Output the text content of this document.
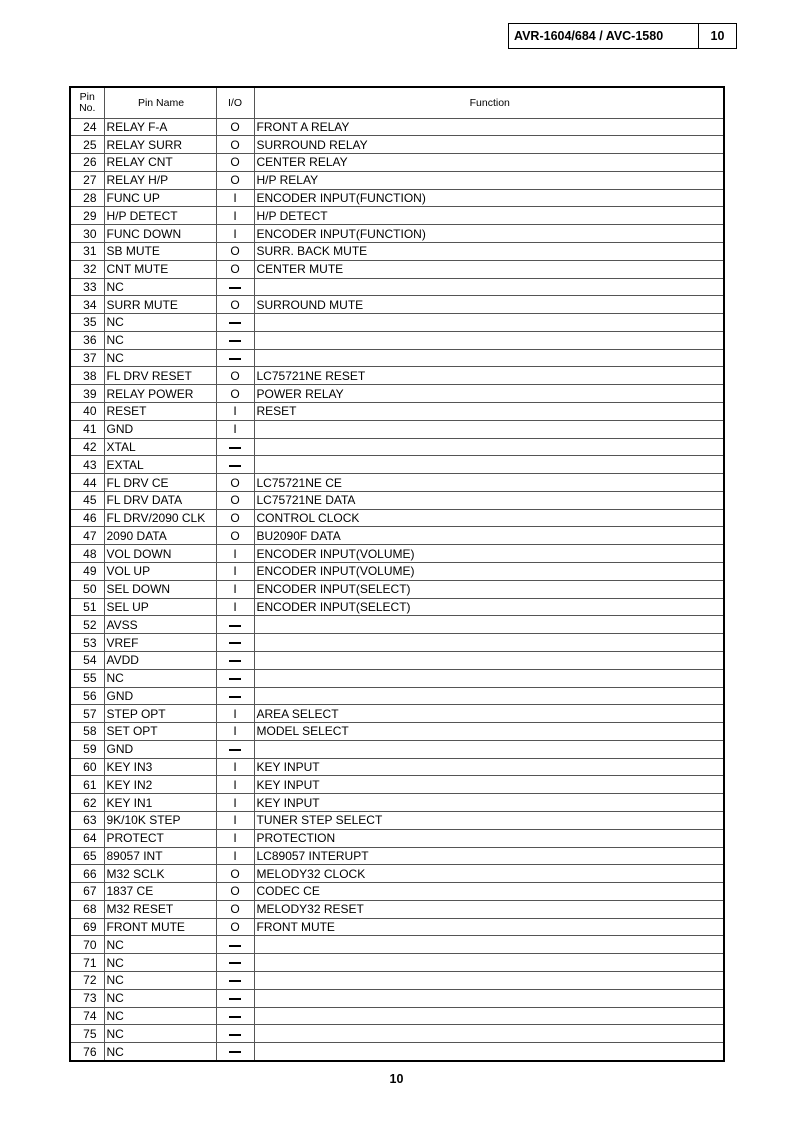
AVR-1604/684 / AVC-1580	10
Pin
No.	Pin Name	I/O	Function
24	RELAY F-A	O	FRONT A RELAY
25	RELAY SURR	O	SURROUND RELAY
26	RELAY CNT	O	CENTER RELAY
27	RELAY H/P	O	H/P RELAY
28	FUNC UP	I	ENCODER INPUT(FUNCTION)
29	H/P DETECT	I	H/P DETECT
30	FUNC DOWN	I	ENCODER INPUT(FUNCTION)
31	SB MUTE	O	SURR. BACK MUTE
32	CNT MUTE	O	CENTER MUTE
33	NC		
34	SURR MUTE	O	SURROUND MUTE
35	NC		
36	NC		
37	NC		
38	FL DRV RESET	O	LC75721NE RESET
39	RELAY POWER	O	POWER RELAY
40	RESET	I	RESET
41	GND	I	
42	XTAL		
43	EXTAL		
44	FL DRV CE	O	LC75721NE CE
45	FL DRV DATA	O	LC75721NE DATA
46	FL DRV/2090 CLK	O	CONTROL CLOCK
47	2090 DATA	O	BU2090F DATA
48	VOL DOWN	I	ENCODER INPUT(VOLUME)
49	VOL UP	I	ENCODER INPUT(VOLUME)
50	SEL DOWN	I	ENCODER INPUT(SELECT)
51	SEL UP	I	ENCODER INPUT(SELECT)
52	AVSS		
53	VREF		
54	AVDD		
55	NC		
56	GND		
57	STEP OPT	I	AREA SELECT
58	SET OPT	I	MODEL SELECT
59	GND		
60	KEY IN3	I	KEY INPUT
61	KEY IN2	I	KEY INPUT
62	KEY IN1	I	KEY INPUT
63	9K/10K STEP	I	TUNER STEP SELECT
64	PROTECT	I	PROTECTION
65	89057 INT	I	LC89057 INTERUPT
66	M32 SCLK	O	MELODY32 CLOCK
67	1837 CE	O	CODEC CE
68	M32 RESET	O	MELODY32 RESET
69	FRONT MUTE	O	FRONT MUTE
70	NC		
71	NC		
72	NC		
73	NC		
74	NC		
75	NC		
76	NC		
10
